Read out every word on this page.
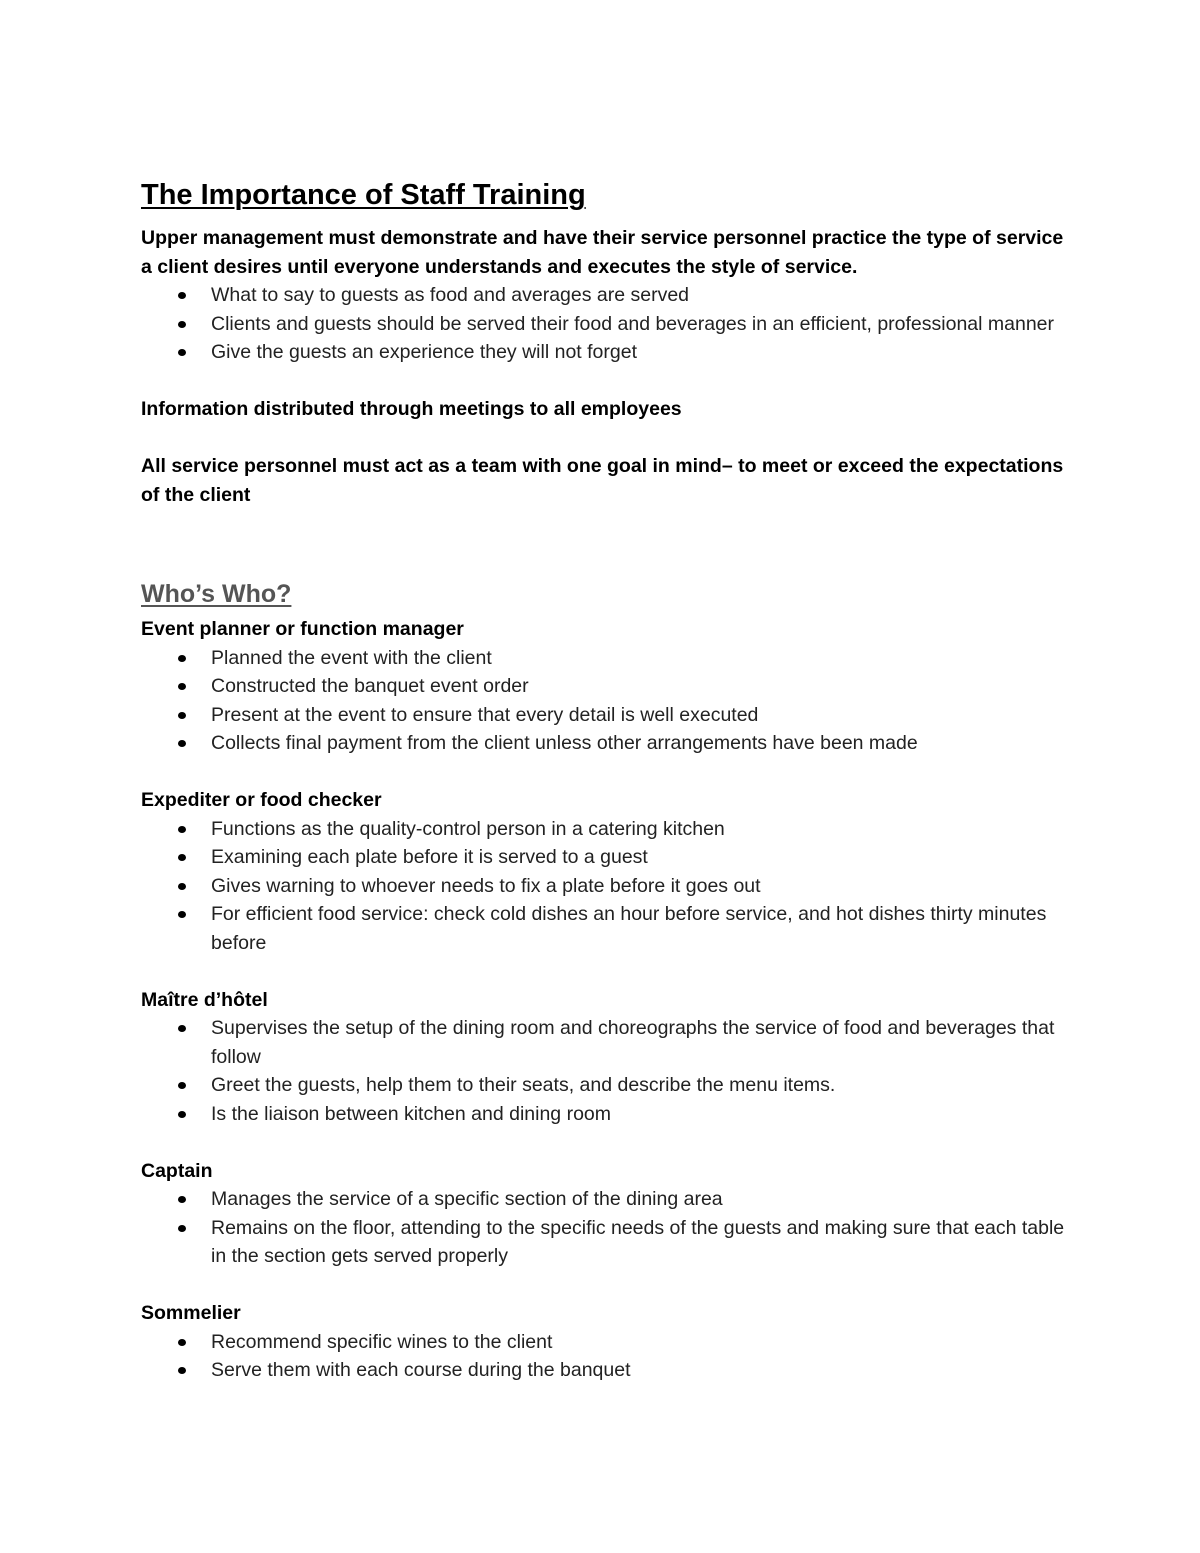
The Importance of Staff Training

Upper management must demonstrate and have their service personnel practice the type of service a client desires until everyone understands and executes the style of service.

What to say to guests as food and averages are served
Clients and guests should be served their food and beverages in an efficient, professional manner
Give the guests an experience they will not forget

Information distributed through meetings to all employees

All service personnel must act as a team with one goal in mind– to meet or exceed the expectations of the client

Who’s Who?

Event planner or function manager

Planned the event with the client
Constructed the banquet event order
Present at the event to ensure that every detail is well executed
Collects final payment from the client unless other arrangements have been made

Expediter or food checker

Functions as the quality-control person in a catering kitchen
Examining each plate before it is served to a guest
Gives warning to whoever needs to fix a plate before it goes out
For efficient food service: check cold dishes an hour before service, and hot dishes thirty minutes before

Maître d’hôtel

Supervises the setup of the dining room and choreographs the service of food and beverages that follow
Greet the guests, help them to their seats, and describe the menu items.
Is the liaison between kitchen and dining room

Captain

Manages the service of a specific section of the dining area
Remains on the floor, attending to the specific needs of the guests and making sure that each table in the section gets served properly

Sommelier

Recommend specific wines to the client
Serve them with each course during the banquet
